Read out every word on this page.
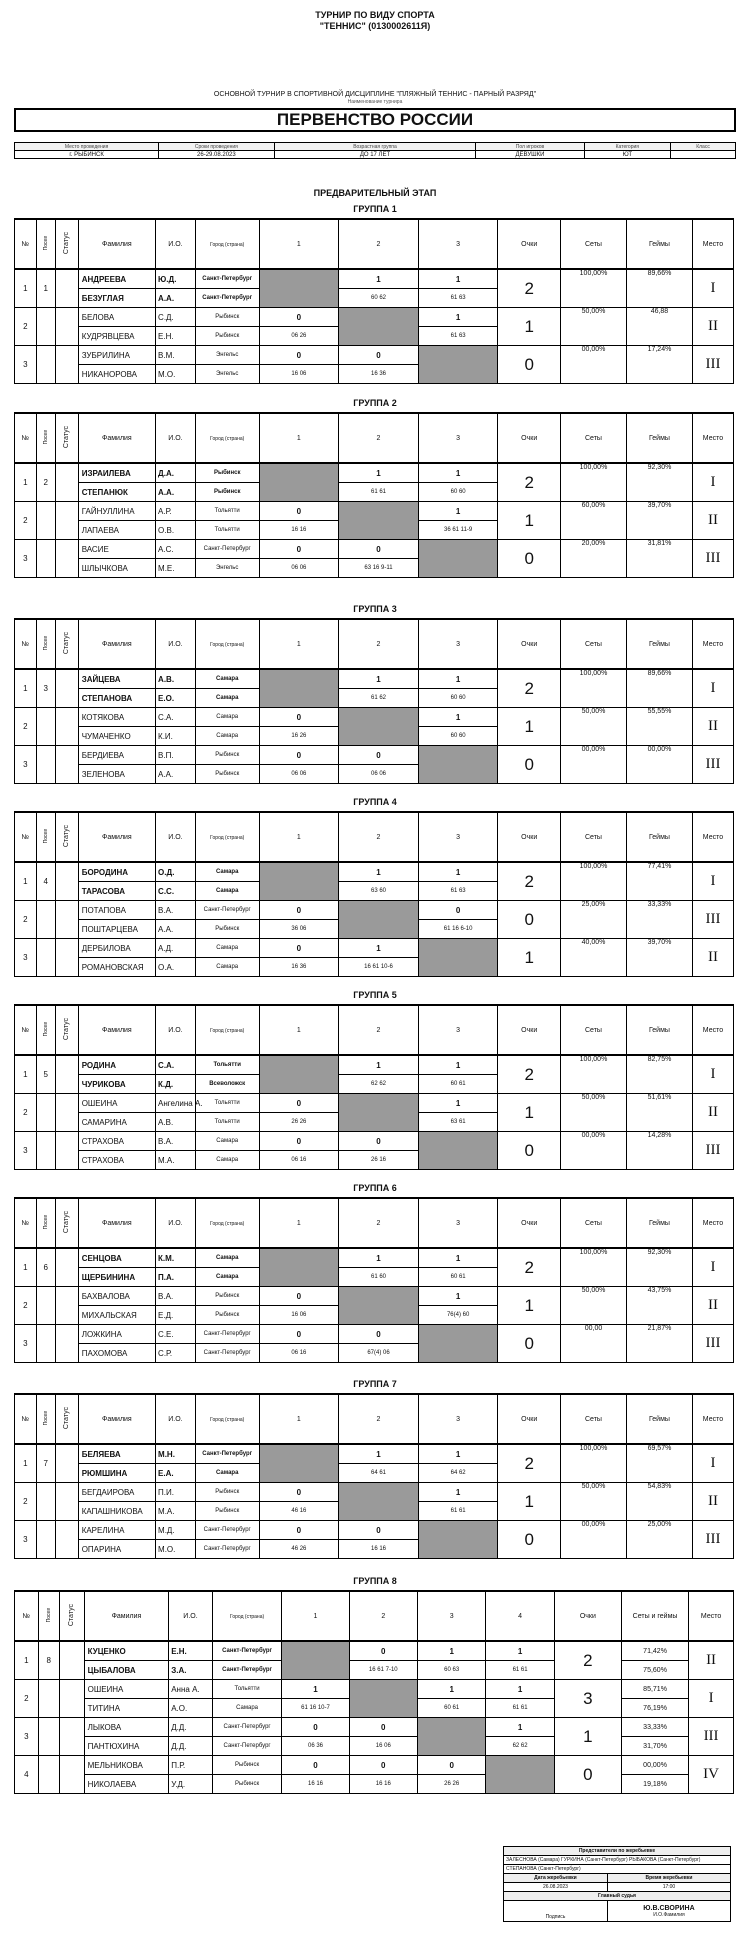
ТУРНИР ПО ВИДУ СПОРТА
"ТЕННИС" (0130002611Я)
ОСНОВНОЙ ТУРНИР В СПОРТИВНОЙ ДИСЦИПЛИНЕ "ПЛЯЖНЫЙ ТЕННИС - ПАРНЫЙ РАЗРЯД"
Наименование турнира
ПЕРВЕНСТВО РОССИИ
Место проведения	Сроки проведения	Возрастная группа	Пол игроков	Категория	Класс
г. РЫБИНСК	26-29.08.2023	ДО 17 ЛЕТ	ДЕВУШКИ	ЮТ	
ПРЕДВАРИТЕЛЬНЫЙ ЭТАП
ГРУППА 1
№	Посев	Статус	Фамилия	И.О.	Город (страна)	1	2	3	Очки	Сеты	Геймы	Место
1	1		АНДРЕЕВА	Ю.Д.	Санкт-Петербург		1	1	2	100,00%	89,66%	I
			БЕЗУГЛАЯ	А.А.	Санкт-Петербург		60 62	61 63				
2			БЕЛОВА	С.Д.	Рыбинск	0		1	1	50,00%	46,88	II
			КУДРЯВЦЕВА	Е.Н.	Рыбинск	06 26		61 63				
3			ЗУБРИЛИНА	В.М.	Энгельс	0	0		0	00,00%	17,24%	III
			НИКАНОРОВА	М.О.	Энгельс	16 06	16 36					
ГРУППА 2
№	Посев	Статус	Фамилия	И.О.	Город (страна)	1	2	3	Очки	Сеты	Геймы	Место
1	2		ИЗРАИЛЕВА	Д.А.	Рыбинск		1	1	2	100,00%	92,30%	I
			СТЕПАНЮК	А.А.	Рыбинск		61 61	60 60				
2			ГАЙНУЛЛИНА	А.Р.	Тольятти	0		1	1	60,00%	39,70%	II
			ЛАПАЕВА	О.В.	Тольятти	16 16		36 61 11-9				
3			ВАСИЕ	А.С.	Санкт-Петербург	0	0		0	20,00%	31,81%	III
			ШЛЫЧКОВА	М.Е.	Энгельс	06 06	63 16 9-11					
ГРУППА 3
№	Посев	Статус	Фамилия	И.О.	Город (страна)	1	2	3	Очки	Сеты	Геймы	Место
1	3		ЗАЙЦЕВА	А.В.	Самара		1	1	2	100,00%	89,66%	I
			СТЕПАНОВА	Е.О.	Самара		61 62	60 60				
2			КОТЯКОВА	С.А.	Самара	0		1	1	50,00%	55,55%	II
			ЧУМАЧЕНКО	К.И.	Самара	16 26		60 60				
3			БЕРДИЕВА	В.П.	Рыбинск	0	0		0	00,00%	00,00%	III
			ЗЕЛЕНОВА	А.А.	Рыбинск	06 06	06 06					
ГРУППА 4
№	Посев	Статус	Фамилия	И.О.	Город (страна)	1	2	3	Очки	Сеты	Геймы	Место
1	4		БОРОДИНА	О.Д.	Самара		1	1	2	100,00%	77,41%	I
			ТАРАСОВА	С.С.	Самара		63 60	61 63				
2			ПОТАПОВА	В.А.	Санкт-Петербург	0		0	0	25,00%	33,33%	III
			ПОШТАРЦЕВА	А.А.	Рыбинск	36 06		61 16 6-10				
3			ДЕРБИЛОВА	А.Д.	Самара	0	1		1	40,00%	39,70%	II
			РОМАНОВСКАЯ	О.А.	Самара	16 36	16 61 10-6					
ГРУППА 5
№	Посев	Статус	Фамилия	И.О.	Город (страна)	1	2	3	Очки	Сеты	Геймы	Место
1	5		РОДИНА	С.А.	Тольятти		1	1	2	100,00%	82,75%	I
			ЧУРИКОВА	К.Д.	Всеволожск		62 62	60 61				
2			ОШЕИНА	Ангелина А.	Тольятти	0		1	1	50,00%	51,61%	II
			САМАРИНА	А.В.	Тольятти	26 26		63 61				
3			СТРАХОВА	В.А.	Самара	0	0		0	00,00%	14,28%	III
			СТРАХОВА	М.А.	Самара	06 16	26 16					
ГРУППА 6
№	Посев	Статус	Фамилия	И.О.	Город (страна)	1	2	3	Очки	Сеты	Геймы	Место
1	6		СЕНЦОВА	К.М.	Самара		1	1	2	100,00%	92,30%	I
			ЩЕРБИНИНА	П.А.	Самара		61 60	60 61				
2			БАХВАЛОВА	В.А.	Рыбинск	0		1	1	50,00%	43,75%	II
			МИХАЛЬСКАЯ	Е.Д.	Рыбинск	16 06		76(4) 60				
3			ЛОЖКИНА	С.Е.	Санкт-Петербург	0	0		0	00,00	21,87%	III
			ПАХОМОВА	С.Р.	Санкт-Петербург	06 16	67(4) 06					
ГРУППА 7
№	Посев	Статус	Фамилия	И.О.	Город (страна)	1	2	3	Очки	Сеты	Геймы	Место
1	7		БЕЛЯЕВА	М.Н.	Санкт-Петербург		1	1	2	100,00%	69,57%	I
			РЮМШИНА	Е.А.	Самара		64 61	64 62				
2			БЕГДАИРОВА	П.И.	Рыбинск	0		1	1	50,00%	54,83%	II
			КАПАШНИКОВА	М.А.	Рыбинск	46 16		61 61				
3			КАРЕЛИНА	М.Д.	Санкт-Петербург	0	0		0	00,00%	25,00%	III
			ОПАРИНА	М.О.	Санкт-Петербург	46 26	16 16					
ГРУППА 8
№	Посев	Статус	Фамилия	И.О.	Город (страна)	1	2	3	4	Очки	Сеты и геймы	Место
1	8		КУЦЕНКО	Е.Н.	Санкт-Петербург		0	1	1	2	71,42%	II
			ЦЫБАЛОВА	З.А.	Санкт-Петербург		16 61 7-10	60 63	61 61		75,60%	
2			ОШЕИНА	Анна А.	Тольятти	1		1	1	3	85,71%	I
			ТИТИНА	А.О.	Самара	61 16 10-7		60 61	61 61		76,19%	
3			ЛЫКОВА	Д.Д.	Санкт-Петербург	0	0		1	1	33,33%	III
			ПАНТЮХИНА	Д.Д.	Санкт-Петербург	06 36	16 06		62 62		31,70%	
4			МЕЛЬНИКОВА	П.Р.	Рыбинск	0	0	0		0	00,00%	IV
			НИКОЛАЕВА	У.Д.	Рыбинск	16 16	16 16	26 26			19,18%	
Представители по жеребьевке	
ЗАЛЕСНОВА (Самара) ГУРКИНА (Санкт-Петербург) РЫБАКОВА (Санкт-Петербург)	
СТЕПАНОВА (Санкт-Петербург)	
Дата жеребьевки	Время жеребьевки
26.08.2023	17:00
Главный судья	
Подпись	Ю.В.СВОРИНА
И.О.Фамилия
